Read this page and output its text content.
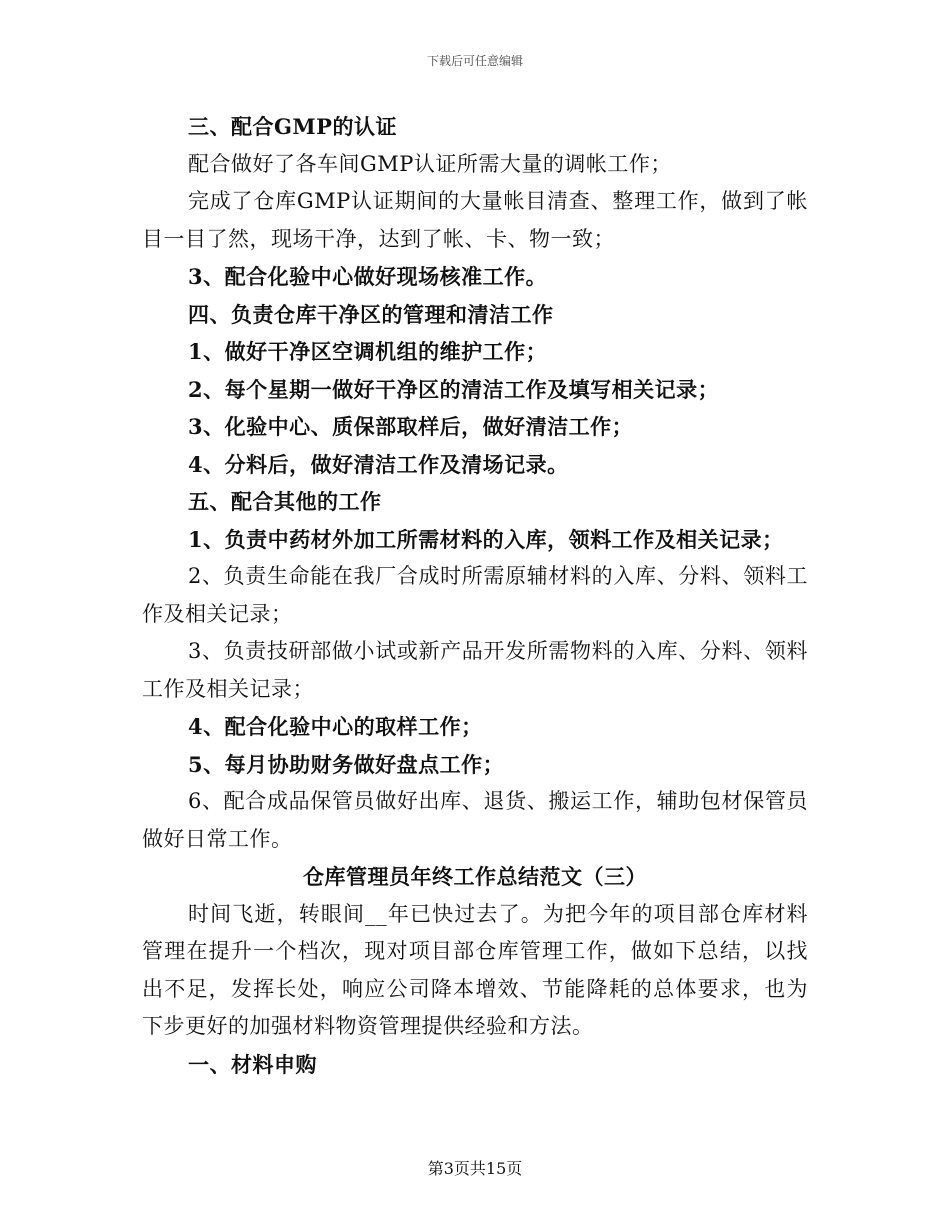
下载后可任意编辑

三、配合GMP的认证

配合做好了各车间GMP认证所需大量的调帐工作；

完成了仓库GMP认证期间的大量帐目清查、整理工作，做到了帐目一目了然，现场干净，达到了帐、卡、物一致；

3、配合化验中心做好现场核准工作。

四、负责仓库干净区的管理和清洁工作

1、做好干净区空调机组的维护工作；

2、每个星期一做好干净区的清洁工作及填写相关记录；

3、化验中心、质保部取样后，做好清洁工作；

4、分料后，做好清洁工作及清场记录。

五、配合其他的工作

1、负责中药材外加工所需材料的入库，领料工作及相关记录；

2、负责生命能在我厂合成时所需原辅材料的入库、分料、领料工作及相关记录；

3、负责技研部做小试或新产品开发所需物料的入库、分料、领料工作及相关记录；

4、配合化验中心的取样工作；

5、每月协助财务做好盘点工作；

6、配合成品保管员做好出库、退货、搬运工作，辅助包材保管员做好日常工作。

仓库管理员年终工作总结范文（三）

时间飞逝，转眼间__年已快过去了。为把今年的项目部仓库材料管理在提升一个档次，现对项目部仓库管理工作，做如下总结，以找出不足，发挥长处，响应公司降本增效、节能降耗的总体要求，也为下步更好的加强材料物资管理提供经验和方法。

一、材料申购

第3页共15页
